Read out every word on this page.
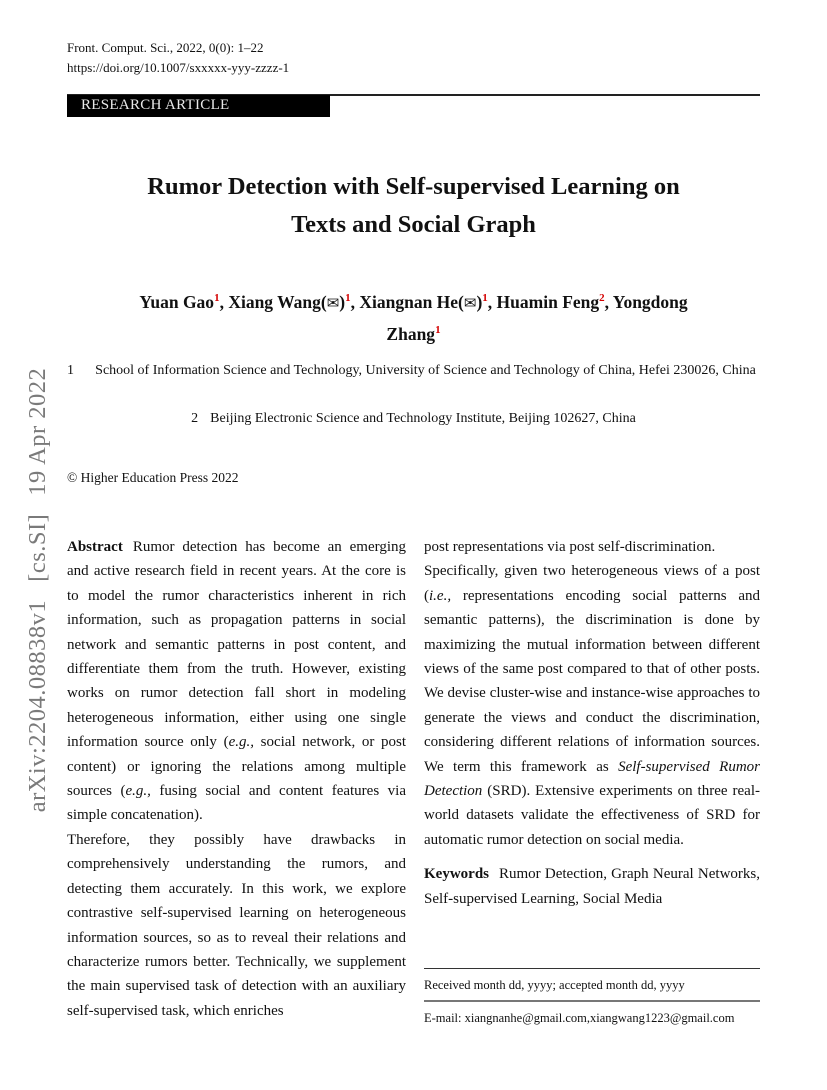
Front. Comput. Sci., 2022, 0(0): 1–22
https://doi.org/10.1007/sxxxxx-yyy-zzzz-1
RESEARCH ARTICLE
arXiv:2204.08838v1[cs.SI]19 Apr 2022
Rumor Detection with Self-supervised Learning on
Texts and Social Graph
Yuan Gao$^1$, Xiang Wang(✉)$^1$, Xiangnan He(✉)$^1$, Huamin Feng$^2$, Yongdong
Zhang$^1$
1	School of Information Science and Technology, University of Science and Technology of China, Hefei 230026, China
2 Beijing Electronic Science and Technology Institute, Beijing 102627, China
© Higher Education Press 2022

Abstract Rumor detection has become an emerging and active research field in recent years. At the core is to model the rumor characteristics inherent in rich information, such as propagation patterns in social network and semantic patterns in post content, and differentiate them from the truth. However, existing works on rumor detection fall short in modeling heterogeneous information, either using one single information source only (e.g., social network, or post content) or ignoring the relations among multiple sources (e.g., fusing social and content features via simple concatenation).

Therefore, they possibly have drawbacks in comprehensively understanding the rumors, and detecting them accurately. In this work, we explore contrastive self-supervised learning on heterogeneous information sources, so as to reveal their relations and characterize rumors better. Technically, we supplement the main supervised task of detection with an auxiliary self-supervised task, which enriches

post representations via post self-discrimination.

Specifically, given two heterogeneous views of a post (i.e., representations encoding social patterns and semantic patterns), the discrimination is done by maximizing the mutual information between different views of the same post compared to that of other posts. We devise cluster-wise and instance-wise approaches to generate the views and conduct the discrimination, considering different relations of information sources. We term this framework as Self-supervised Rumor Detection (SRD). Extensive experiments on three real-world datasets validate the effectiveness of SRD for automatic rumor detection on social media.

Keywords Rumor Detection, Graph Neural Networks, Self-supervised Learning, Social Media

Received month dd, yyyy; accepted month dd, yyyy
E-mail: xiangnanhe@gmail.com,xiangwang1223@gmail.com
